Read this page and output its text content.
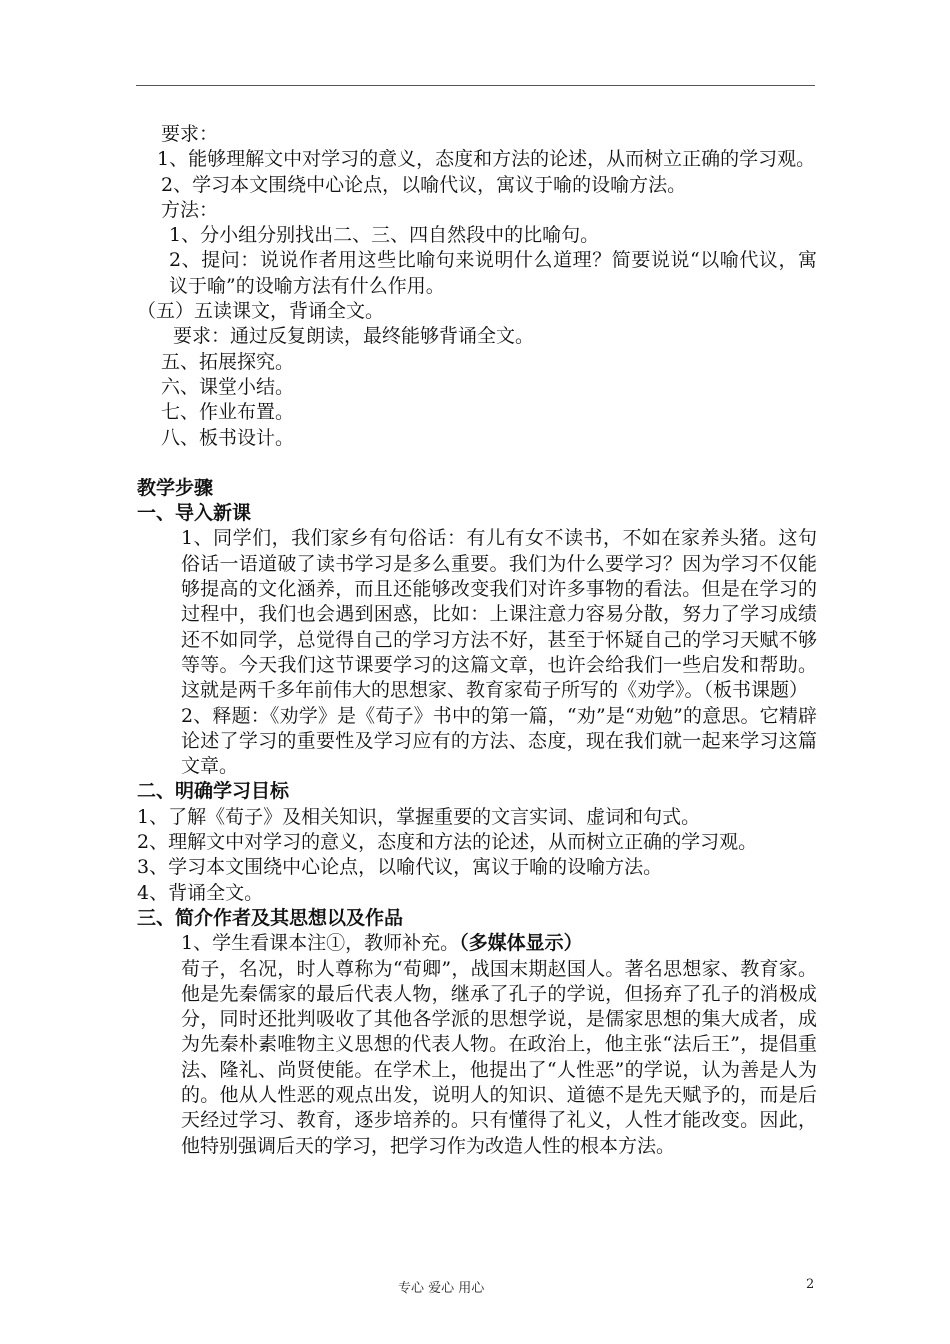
要求：

1、能够理解文中对学习的意义，态度和方法的论述，从而树立正确的学习观。

2、学习本文围绕中心论点，以喻代议，寓议于喻的设喻方法。

方法：

1、分小组分别找出二、三、四自然段中的比喻句。

2、提问：说说作者用这些比喻句来说明什么道理？简要说说“以喻代议，寓议于喻”的设喻方法有什么作用。

（五）五读课文，背诵全文。

要求：通过反复朗读，最终能够背诵全文。

五、拓展探究。

六、课堂小结。

七、作业布置。

八、板书设计。

教学步骤

一、导入新课

1、同学们，我们家乡有句俗话：有儿有女不读书，不如在家养头猪。这句俗话一语道破了读书学习是多么重要。我们为什么要学习？因为学习不仅能够提高的文化涵养，而且还能够改变我们对许多事物的看法。但是在学习的过程中，我们也会遇到困惑，比如：上课注意力容易分散，努力了学习成绩还不如同学，总觉得自己的学习方法不好，甚至于怀疑自己的学习天赋不够等等。今天我们这节课要学习的这篇文章，也许会给我们一些启发和帮助。这就是两千多年前伟大的思想家、教育家荀子所写的《劝学》。（板书课题）

2、释题：《劝学》是《荀子》书中的第一篇，“劝”是“劝勉”的意思。它精辟论述了学习的重要性及学习应有的方法、态度，现在我们就一起来学习这篇文章。

二、明确学习目标

1、了解《荀子》及相关知识，掌握重要的文言实词、虚词和句式。

2、理解文中对学习的意义，态度和方法的论述，从而树立正确的学习观。

3、学习本文围绕中心论点，以喻代议，寓议于喻的设喻方法。

4、背诵全文。

三、简介作者及其思想以及作品

1、学生看课本注①，教师补充。（多媒体显示）

荀子，名况，时人尊称为“荀卿”，战国末期赵国人。著名思想家、教育家。他是先秦儒家的最后代表人物，继承了孔子的学说，但扬弃了孔子的消极成分，同时还批判吸收了其他各学派的思想学说，是儒家思想的集大成者，成为先秦朴素唯物主义思想的代表人物。在政治上，他主张“法后王”，提倡重法、隆礼、尚贤使能。在学术上，他提出了“人性恶”的学说，认为善是人为的。他从人性恶的观点出发，说明人的知识、道德不是先天赋予的，而是后天经过学习、教育，逐步培养的。只有懂得了礼义，人性才能改变。因此，他特别强调后天的学习，把学习作为改造人性的根本方法。

专心 爱心 用心	2
